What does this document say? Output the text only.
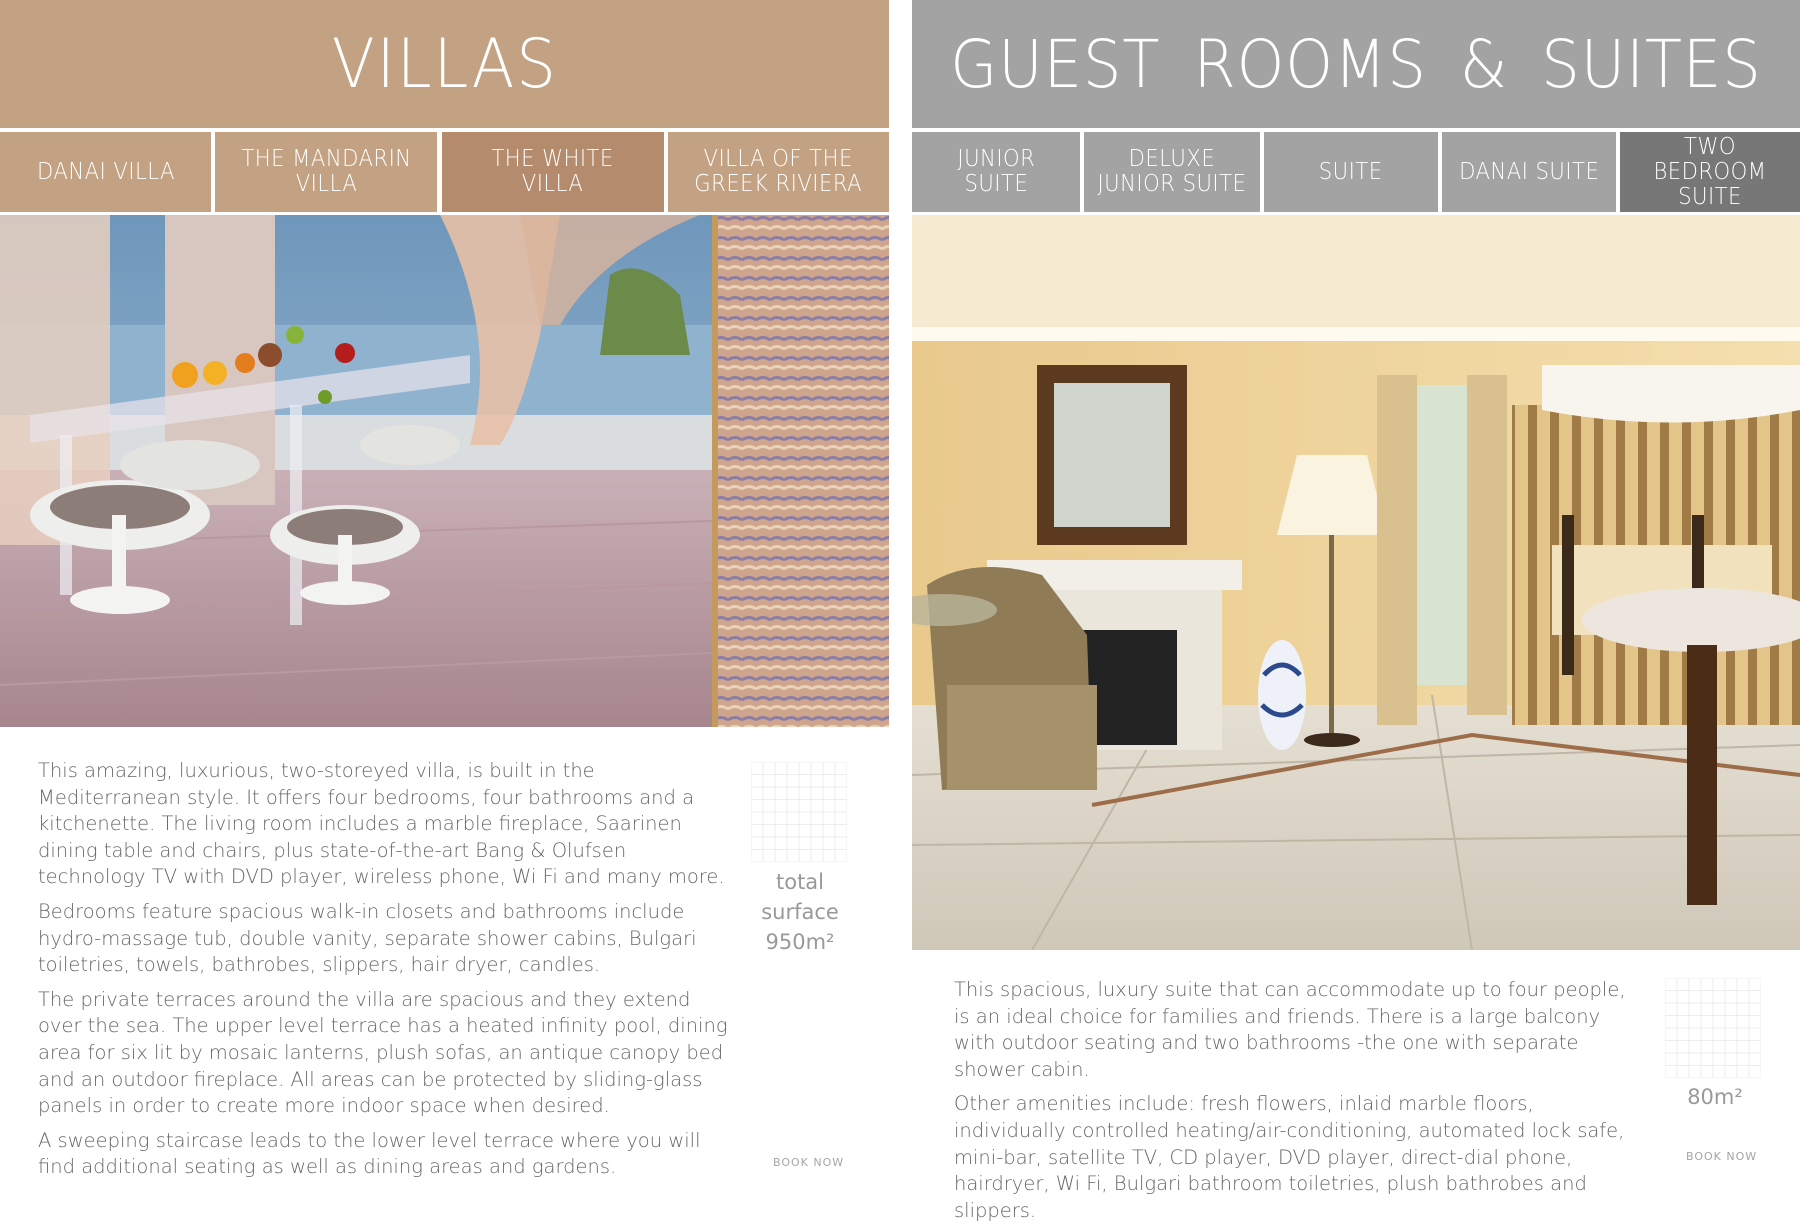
VILLAS
DANAI VILLA	THE MANDARIN
VILLA
THE WHITE
VILLA
VILLA OF THE
GREEK RIVIERA

This amazing, luxurious, two-storeyed villa, is built in the Mediterranean style. It offers four bedrooms, four bathrooms and a kitchenette. The living room includes a marble fireplace, Saarinen dining table and chairs, plus state-of-the-art Bang & Olufsen technology TV with DVD player, wireless phone, Wi Fi and many more.

Bedrooms feature spacious walk-in closets and bathrooms include hydro-massage tub, double vanity, separate shower cabins, Bulgari toiletries, towels, bathrobes, slippers, hair dryer, candles.

The private terraces around the villa are spacious and they extend over the sea. The upper level terrace has a heated infinity pool, dining area for six lit by mosaic lanterns, plush sofas, an antique canopy bed and an outdoor fireplace. All areas can be protected by sliding-glass panels in order to create more indoor space when desired.

A sweeping staircase leads to the lower level terrace where you will find additional seating as well as dining areas and gardens.

total
surface
950m²
BOOK NOW
GUEST ROOMS & SUITES
JUNIOR
SUITE
DELUXE
JUNIOR SUITE	SUITE	DANAI SUITE
TWO BEDROOM
SUITE

This spacious, luxury suite that can accommodate up to four people, is an ideal choice for families and friends. There is a large balcony with outdoor seating and two bathrooms -the one with separate shower cabin.

Other amenities include: fresh flowers, inlaid marble floors, individually controlled heating/air-conditioning, automated lock safe, mini-bar, satellite TV, CD player, DVD player, direct-dial phone, hairdryer, Wi Fi, Bulgari bathroom toiletries, plush bathrobes and slippers.

80m²
BOOK NOW
